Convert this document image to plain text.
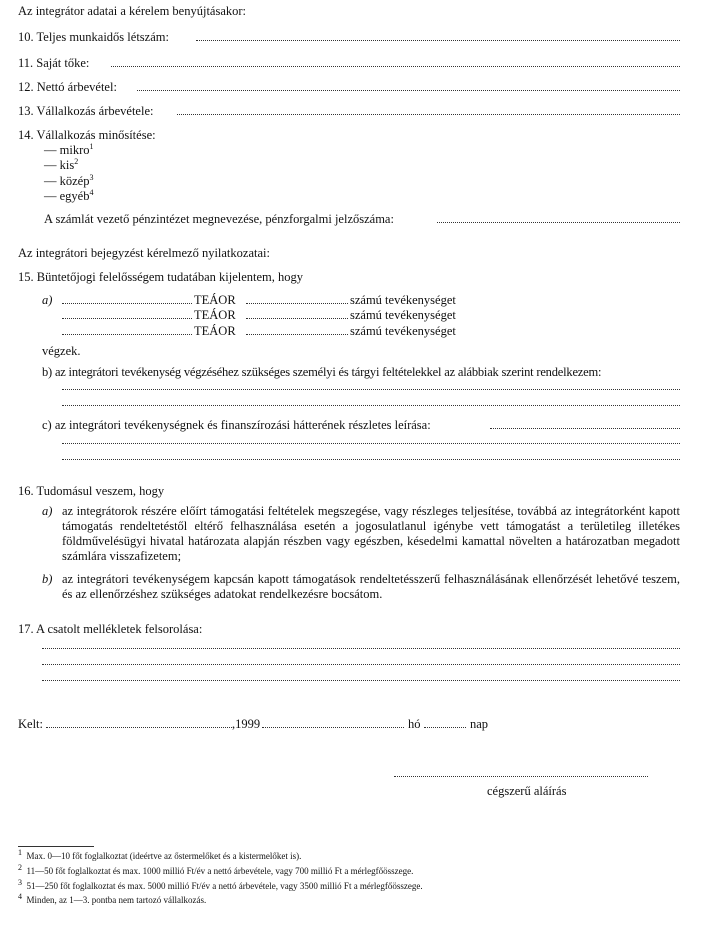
Az integrátor adatai a kérelem benyújtásakor:
10. Teljes munkaidős létszám:
11. Saját tőke:
12. Nettó árbevétel:
13. Vállalkozás árbevétele:
14. Vállalkozás minősítése:
— mikro$^1$
— kis$^2$
— közép$^3$
— egyéb$^4$
A számlát vezető pénzintézet megnevezése, pénzforgalmi jelzőszáma:
Az integrátori bejegyzést kérelmező nyilatkozatai:
15. Büntetőjogi felelősségem tudatában kijelentem, hogy
a)	TEÁOR	számú tevékenységet
TEÁOR	számú tevékenységet
TEÁOR	számú tevékenységet
végzek.
b) az integrátori tevékenység végzéséhez szükséges személyi és tárgyi feltételekkel az alábbiak szerint rendelkezem:
c) az integrátori tevékenységnek és finanszírozási hátterének részletes leírása:
16. Tudomásul veszem, hogy
a) az integrátorok részére előírt támogatási feltételek megszegése, vagy részleges teljesítése, továbbá az integrátorként kapott támogatás rendeltetéstől eltérő felhasználása esetén a jogosulatlanul igénybe vett támogatást a területileg illetékes földművelésügyi hivatal határozata alapján részben vagy egészben, késedelmi kamattal növelten a határozatban megadott számlára visszafizetem;
b) az integrátori tevékenységem kapcsán kapott támogatások rendeltetésszerű felhasználásának ellenőrzését lehetővé teszem, és az ellenőrzéshez szükséges adatokat rendelkezésre bocsátom.
17. A csatolt mellékletek felsorolása:
Kelt:	,1999	hó	nap
cégszerű aláírás
$^1$ Max. 0—10 főt foglalkoztat (ideértve az őstermelőket és a kistermelőket is).
$^2$ 11—50 főt foglalkoztat és max. 1000 millió Ft/év a nettó árbevétele, vagy 700 millió Ft a mérlegfőösszege.
$^3$ 51—250 főt foglalkoztat és max. 5000 millió Ft/év a nettó árbevétele, vagy 3500 millió Ft a mérlegfőösszege.
$^4$ Minden, az 1—3. pontba nem tartozó vállalkozás.
